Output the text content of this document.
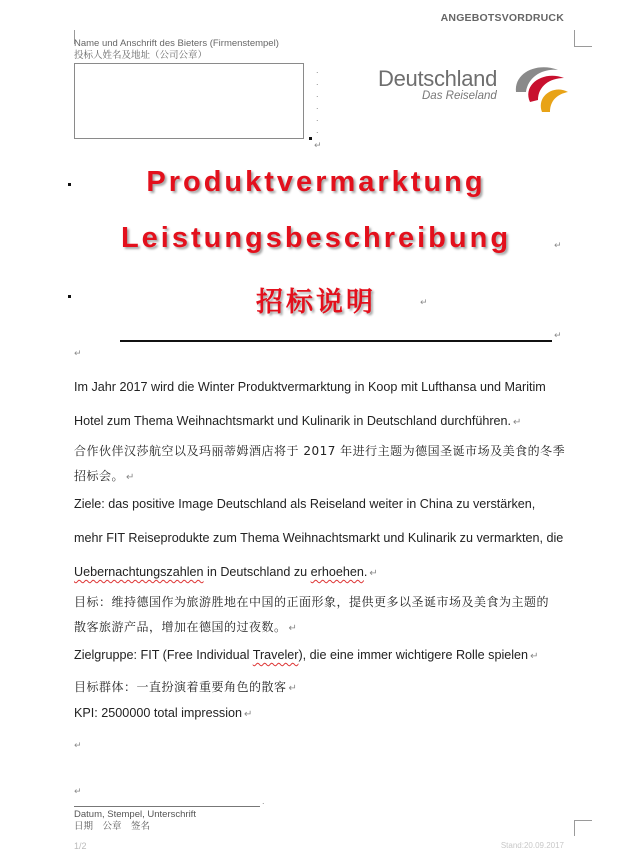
ANGEBOTSVORDRUCK
Name und Anschrift des Bieters (Firmenstempel)
投标人姓名及地址（公司公章）
↵
.
.
.
.
.
.
Deutschland
Das Reiseland
Produktvermarktung
Leistungsbeschreibung	↵
招标说明	↵
↵
↵
Im Jahr 2017 wird die Winter Produktvermarktung in Koop mit Lufthansa und Maritim
Hotel zum Thema Weihnachtsmarkt und Kulinarik in Deutschland durchführen. ↵
合作伙伴汉莎航空以及玛丽蒂姆酒店将于 2017 年进行主题为德国圣诞市场及美食的冬季
招标会。 ↵
Ziele: das positive Image Deutschland als Reiseland weiter in China zu verstärken,
mehr FIT Reiseprodukte zum Thema Weihnachtsmarkt und Kulinarik zu vermarkten, die
Uebernachtungszahlen in Deutschland zu erhoehen. ↵
目标：维持德国作为旅游胜地在中国的正面形象，提供更多以圣诞市场及美食为主题的
散客旅游产品，增加在德国的过夜数。 ↵
Zielgruppe: FIT (Free Individual Traveler), die eine immer wichtigere Rolle spielen ↵
目标群体：一直扮演着重要角色的散客 ↵
KPI: 2500000 total impression ↵
↵
↵
.
Datum, Stempel, Unterschrift
日期　公章　签名
1/2	Stand:20.09.2017
